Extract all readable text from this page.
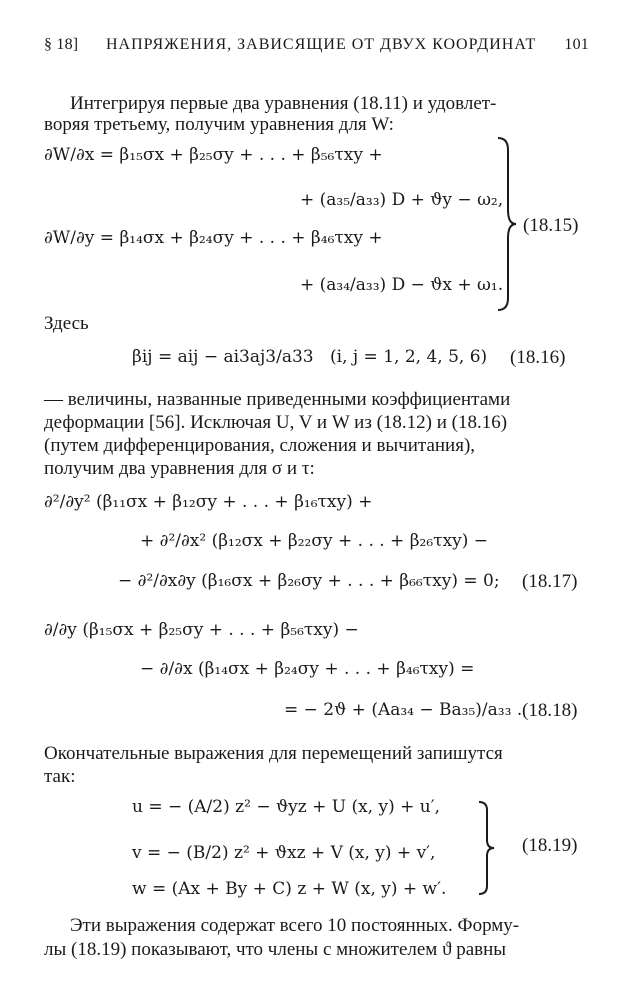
§ 18] НАПРЯЖЕНИЯ, ЗАВИСЯЩИЕ ОТ ДВУХ КООРДИНАТ 101
Интегрируя первые два уравнения (18.11) и удовлет-
воряя третьему, получим уравнения для W:
∂W/∂x = β₁₅σx + β₂₅σy + . . . + β₅₆τxy +
+ (a₃₅/a₃₃) D + ϑy − ω₂,
∂W/∂y = β₁₄σx + β₂₄σy + . . . + β₄₆τxy +
+ (a₃₄/a₃₃) D − ϑx + ω₁.
(18.15)
Здесь
βij = aij − ai3aj3/a33 (i, j = 1, 2, 4, 5, 6) (18.16)
— величины, названные приведенными коэффициентами
деформации [56]. Исключая U, V и W из (18.12) и (18.16)
(путем дифференцирования, сложения и вычитания),
получим два уравнения для σ и τ:
∂²/∂y² (β₁₁σx + β₁₂σy + . . . + β₁₆τxy) +
+ ∂²/∂x² (β₁₂σx + β₂₂σy + . . . + β₂₆τxy) −
− ∂²/∂x∂y (β₁₆σx + β₂₆σy + . . . + β₆₆τxy) = 0; (18.17)
∂/∂y (β₁₅σx + β₂₅σy + . . . + β₅₆τxy) −
− ∂/∂x (β₁₄σx + β₂₄σy + . . . + β₄₆τxy) =
= − 2ϑ + (Aa₃₄ − Ba₃₅)/a₃₃ . (18.18)
Окончательные выражения для перемещений запишутся
так:
u = − (A/2) z² − ϑyz + U (x, y) + u′,
v = − (B/2) z² + ϑxz + V (x, y) + v′,
w = (Ax + By + C) z + W (x, y) + w′.
(18.19)
Эти выражения содержат всего 10 постоянных. Форму-
лы (18.19) показывают, что члены с множителем ϑ равны
